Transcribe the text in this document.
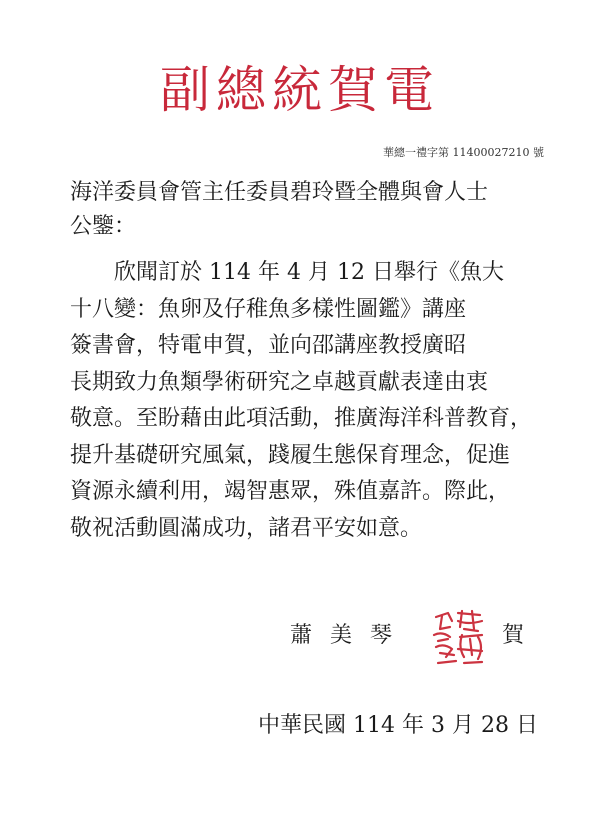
副總統賀電
華總一禮字第 11400027210 號
海洋委員會管主任委員碧玲暨全體與會人士
公鑒：
欣聞訂於 114 年 4 月 12 日舉行《魚大
十八變：魚卵及仔稚魚多樣性圖鑑》講座
簽書會，特電申賀，並向邵講座教授廣昭
長期致力魚類學術研究之卓越貢獻表達由衷
敬意。至盼藉由此項活動，推廣海洋科普教育，
提升基礎研究風氣，踐履生態保育理念，促進
資源永續利用，竭智惠眾，殊值嘉許。際此，
敬祝活動圓滿成功，諸君平安如意。
蕭美琴	賀
中華民國 114 年 3 月 28 日
